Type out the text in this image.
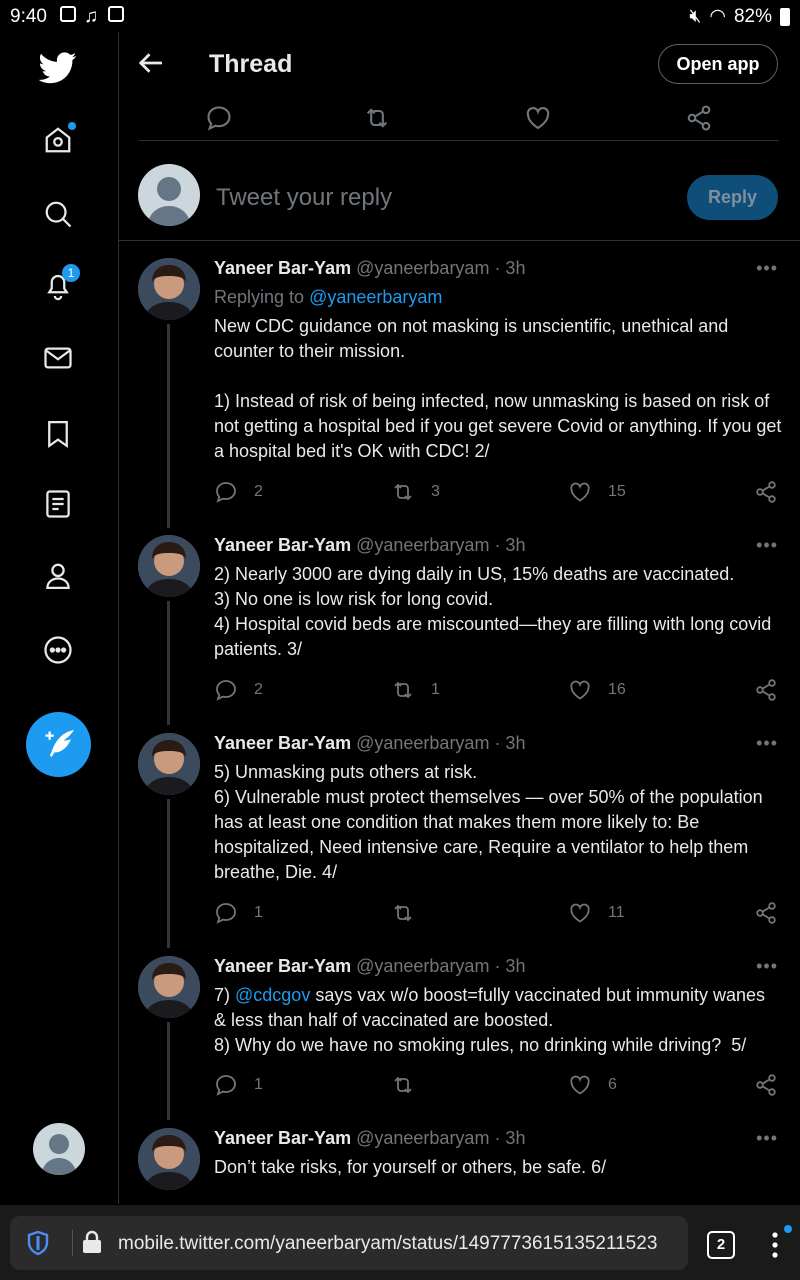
9:40 ♫	🔇︎ ◠ 82%
1
Thread	Open app
Tweet your reply	Reply
Yaneer Bar-Yam @yaneerbaryam · 3h	•••
Replying to @yaneerbaryam
New CDC guidance on not masking is unscientific, unethical and counter to their mission.

1) Instead of risk of being infected, now unmasking is based on risk of not getting a hospital bed if you get severe Covid or anything. If you get a hospital bed it's OK with CDC! 2/
2	3	15
Yaneer Bar-Yam @yaneerbaryam · 3h	•••
2) Nearly 3000 are dying daily in US, 15% deaths are vaccinated.
3) No one is low risk for long covid.
4) Hospital covid beds are miscounted—they are filling with long covid patients. 3/
2	1	16
Yaneer Bar-Yam @yaneerbaryam · 3h	•••
5) Unmasking puts others at risk.
6) Vulnerable must protect themselves — over 50% of the population has at least one condition that makes them more likely to: Be hospitalized, Need intensive care, Require a ventilator to help them breathe, Die. 4/
1	11
Yaneer Bar-Yam @yaneerbaryam · 3h	•••
7) @cdcgov says vax w/o boost=fully vaccinated but immunity wanes & less than half of vaccinated are boosted.
8) Why do we have no smoking rules, no drinking while driving?  5/
1	6
Yaneer Bar-Yam @yaneerbaryam · 3h	•••
Don’t take risks, for yourself or others, be safe. 6/
mobile.twitter.com/yaneerbaryam/status/1497773615135211523	2
